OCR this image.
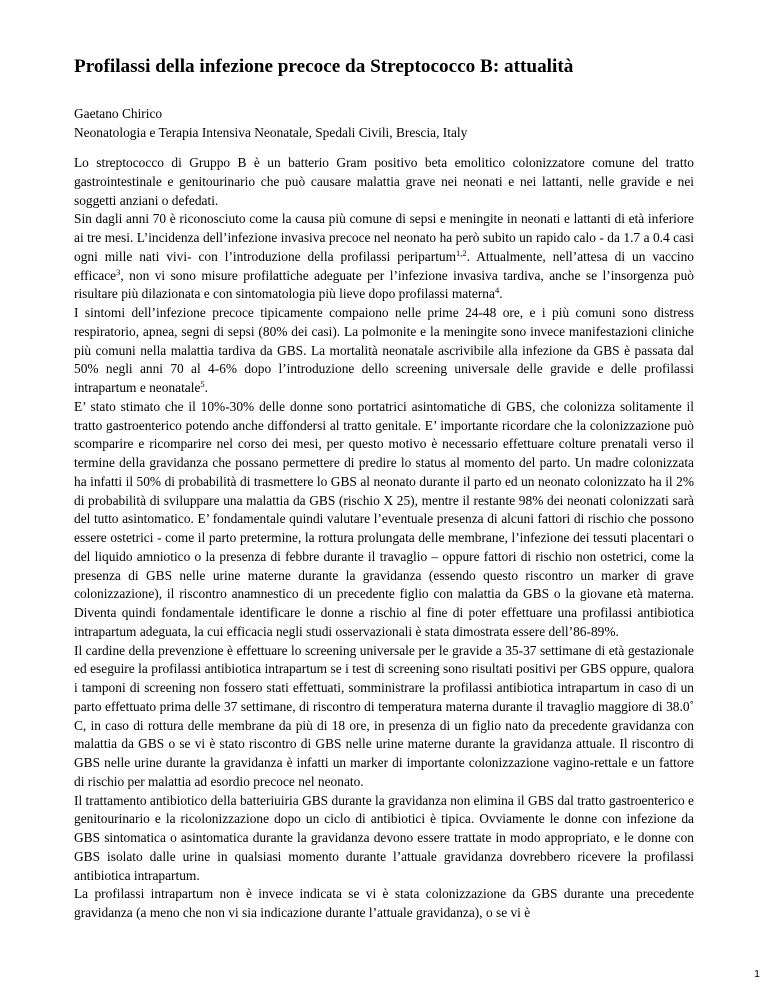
Profilassi della infezione precoce da Streptococco B: attualità
Gaetano Chirico
Neonatologia e Terapia Intensiva Neonatale, Spedali Civili, Brescia, Italy

Lo streptococco di Gruppo B è un batterio Gram positivo beta emolitico colonizzatore comune del tratto gastrointestinale e genitourinario che può causare malattia grave nei neonati e nei lattanti, nelle gravide e nei soggetti anziani o defedati.

Sin dagli anni 70 è riconosciuto come la causa più comune di sepsi e meningite in neonati e lattanti di età inferiore ai tre mesi. L’incidenza dell’infezione invasiva precoce nel neonato ha però subito un rapido calo - da 1.7 a 0.4 casi ogni mille nati vivi- con l’introduzione della profilassi peripartum$^{1,2}$. Attualmente, nell’attesa di un vaccino efficace$^3$, non vi sono misure profilattiche adeguate per l’infezione invasiva tardiva, anche se l’insorgenza può risultare più dilazionata e con sintomatologia più lieve dopo profilassi materna$^4$.

I sintomi dell’infezione precoce tipicamente compaiono nelle prime 24-48 ore, e i più comuni sono distress respiratorio, apnea, segni di sepsi (80% dei casi). La polmonite e la meningite sono invece manifestazioni cliniche più comuni nella malattia tardiva da GBS. La mortalità neonatale ascrivibile alla infezione da GBS è passata dal 50% negli anni 70 al 4-6% dopo l’introduzione dello screening universale delle gravide e delle profilassi intrapartum e neonatale$^5$.

E’ stato stimato che il 10%-30% delle donne sono portatrici asintomatiche di GBS, che colonizza solitamente il tratto gastroenterico potendo anche diffondersi al tratto genitale. E’ importante ricordare che la colonizzazione può scomparire e ricomparire nel corso dei mesi, per questo motivo è necessario effettuare colture prenatali verso il termine della gravidanza che possano permettere di predire lo status al momento del parto. Un madre colonizzata ha infatti il 50% di probabilità di trasmettere lo GBS al neonato durante il parto ed un neonato colonizzato ha il 2% di probabilità di sviluppare una malattia da GBS (rischio X 25), mentre il restante 98% dei neonati colonizzati sarà del tutto asintomatico. E’ fondamentale quindi valutare l’eventuale presenza di alcuni fattori di rischio che possono essere ostetrici - come il parto pretermine, la rottura prolungata delle membrane, l’infezione dei tessuti placentari o del liquido amniotico o la presenza di febbre durante il travaglio – oppure fattori di rischio non ostetrici, come la presenza di GBS nelle urine materne durante la gravidanza (essendo questo riscontro un marker di grave colonizzazione), il riscontro anamnestico di un precedente figlio con malattia da GBS o la giovane età materna. Diventa quindi fondamentale identificare le donne a rischio al fine di poter effettuare una profilassi antibiotica intrapartum adeguata, la cui efficacia negli studi osservazionali è stata dimostrata essere dell’86-89%.

Il cardine della prevenzione è effettuare lo screening universale per le gravide a 35-37 settimane di età gestazionale ed eseguire la profilassi antibiotica intrapartum se i test di screening sono risultati positivi per GBS oppure, qualora i tamponi di screening non fossero stati effettuati, somministrare la profilassi antibiotica intrapartum in caso di un parto effettuato prima delle 37 settimane, di riscontro di temperatura materna durante il travaglio maggiore di 38.0˚ C, in caso di rottura delle membrane da più di 18 ore, in presenza di un figlio nato da precedente gravidanza con malattia da GBS o se vi è stato riscontro di GBS nelle urine materne durante la gravidanza attuale. Il riscontro di GBS nelle urine durante la gravidanza è infatti un marker di importante colonizzazione vagino-rettale e un fattore di rischio per malattia ad esordio precoce nel neonato.

Il trattamento antibiotico della batteriuiria GBS durante la gravidanza non elimina il GBS dal tratto gastroenterico e genitourinario e la ricolonizzazione dopo un ciclo di antibiotici è tipica. Ovviamente le donne con infezione da GBS sintomatica o asintomatica durante la gravidanza devono essere trattate in modo appropriato, e le donne con GBS isolato dalle urine in qualsiasi momento durante l’attuale gravidanza dovrebbero ricevere la profilassi antibiotica intrapartum.

La profilassi intrapartum non è invece indicata se vi è stata colonizzazione da GBS durante una precedente gravidanza (a meno che non vi sia indicazione durante l’attuale gravidanza), o se vi è

1
